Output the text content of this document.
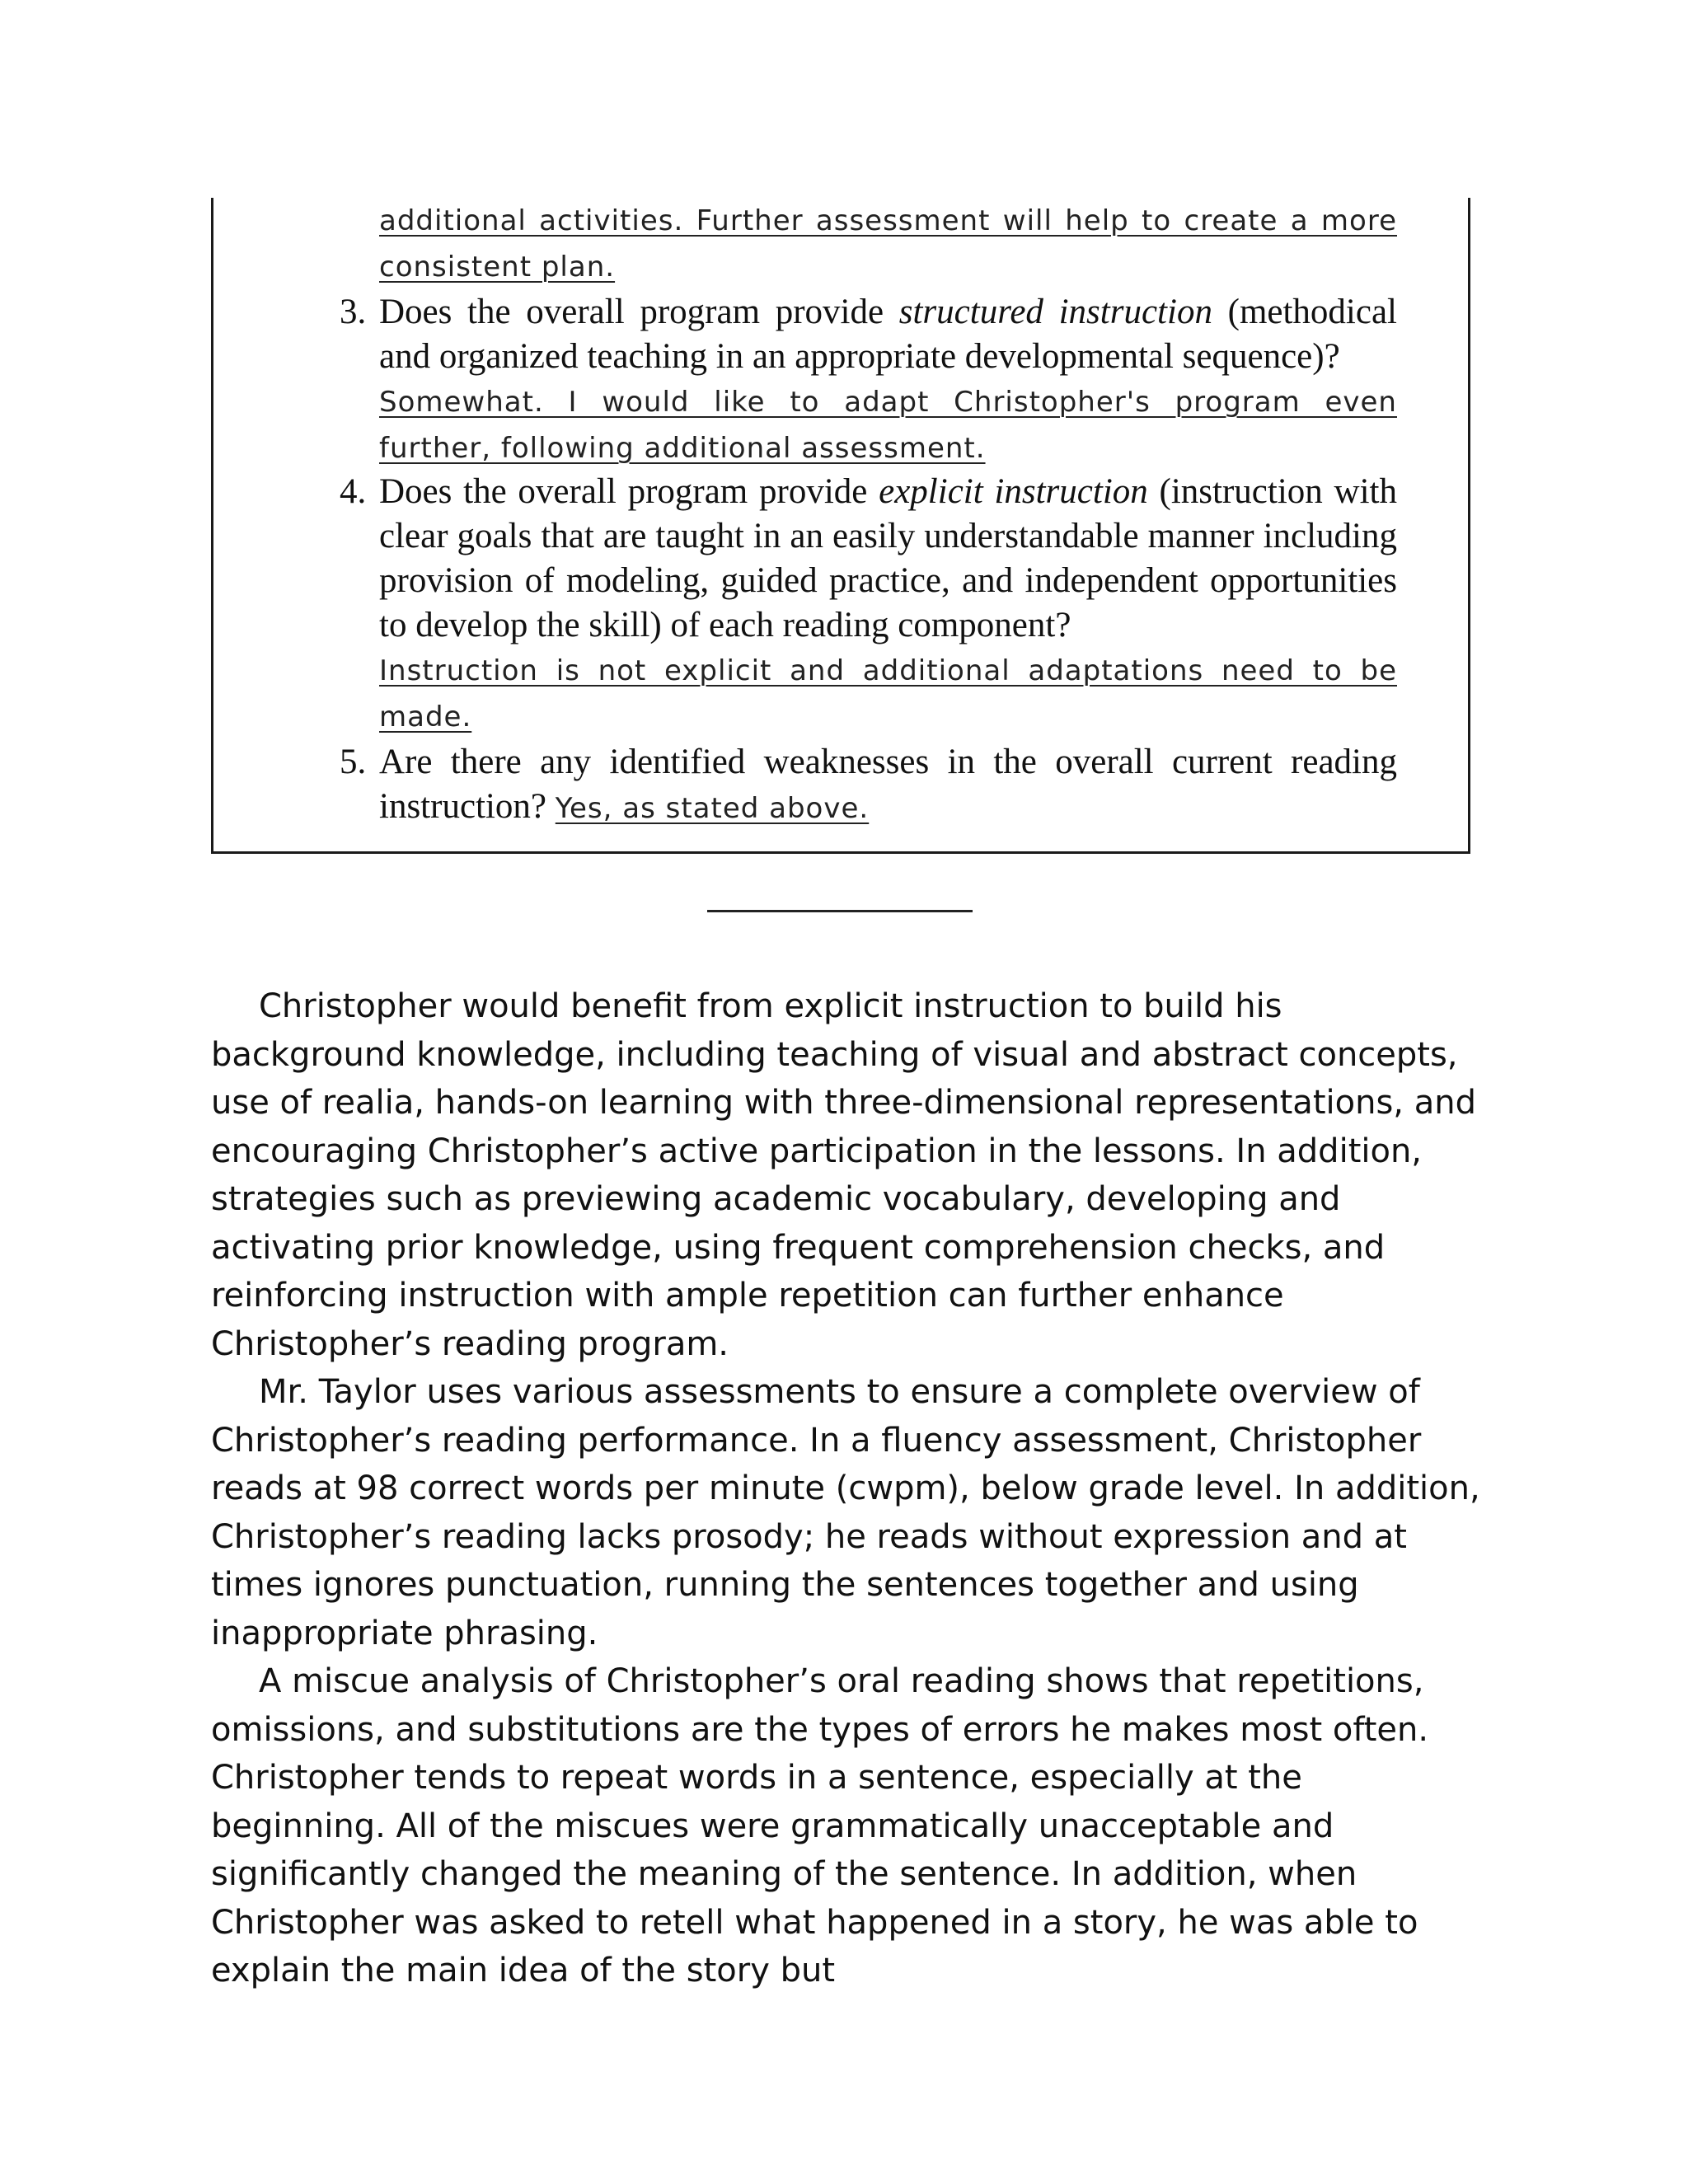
additional activities. Further assessment will help to create a more consistent plan.
3. Does the overall program provide structured instruction (methodical and organized teaching in an appropriate developmental sequence)?
Somewhat. I would like to adapt Christopher's program even further, following additional assessment.
4. Does the overall program provide explicit instruction (instruction with clear goals that are taught in an easily understandable manner including provision of modeling, guided practice, and independent opportunities to develop the skill) of each reading component?
Instruction is not explicit and additional adaptations need to be made.
5. Are there any identified weaknesses in the overall current reading instruction? Yes, as stated above.

Christopher would benefit from explicit instruction to build his background knowledge, including teaching of visual and abstract concepts, use of realia, hands-on learning with three-dimensional representations, and encouraging Christopher’s active participation in the lessons. In addition, strategies such as previewing academic vocabulary, developing and activating prior knowledge, using frequent comprehension checks, and reinforcing instruction with ample repetition can further enhance Christopher’s reading program.

Mr. Taylor uses various assessments to ensure a complete overview of Christopher’s reading performance. In a fluency assessment, Christopher reads at 98 correct words per minute (cwpm), below grade level. In addition, Christopher’s reading lacks prosody; he reads without expression and at times ignores punctuation, running the sentences together and using inappropriate phrasing.

A miscue analysis of Christopher’s oral reading shows that repetitions, omissions, and substitutions are the types of errors he makes most often. Christopher tends to repeat words in a sentence, especially at the beginning. All of the miscues were grammatically unacceptable and significantly changed the meaning of the sentence. In addition, when Christopher was asked to retell what happened in a story, he was able to explain the main idea of the story but
